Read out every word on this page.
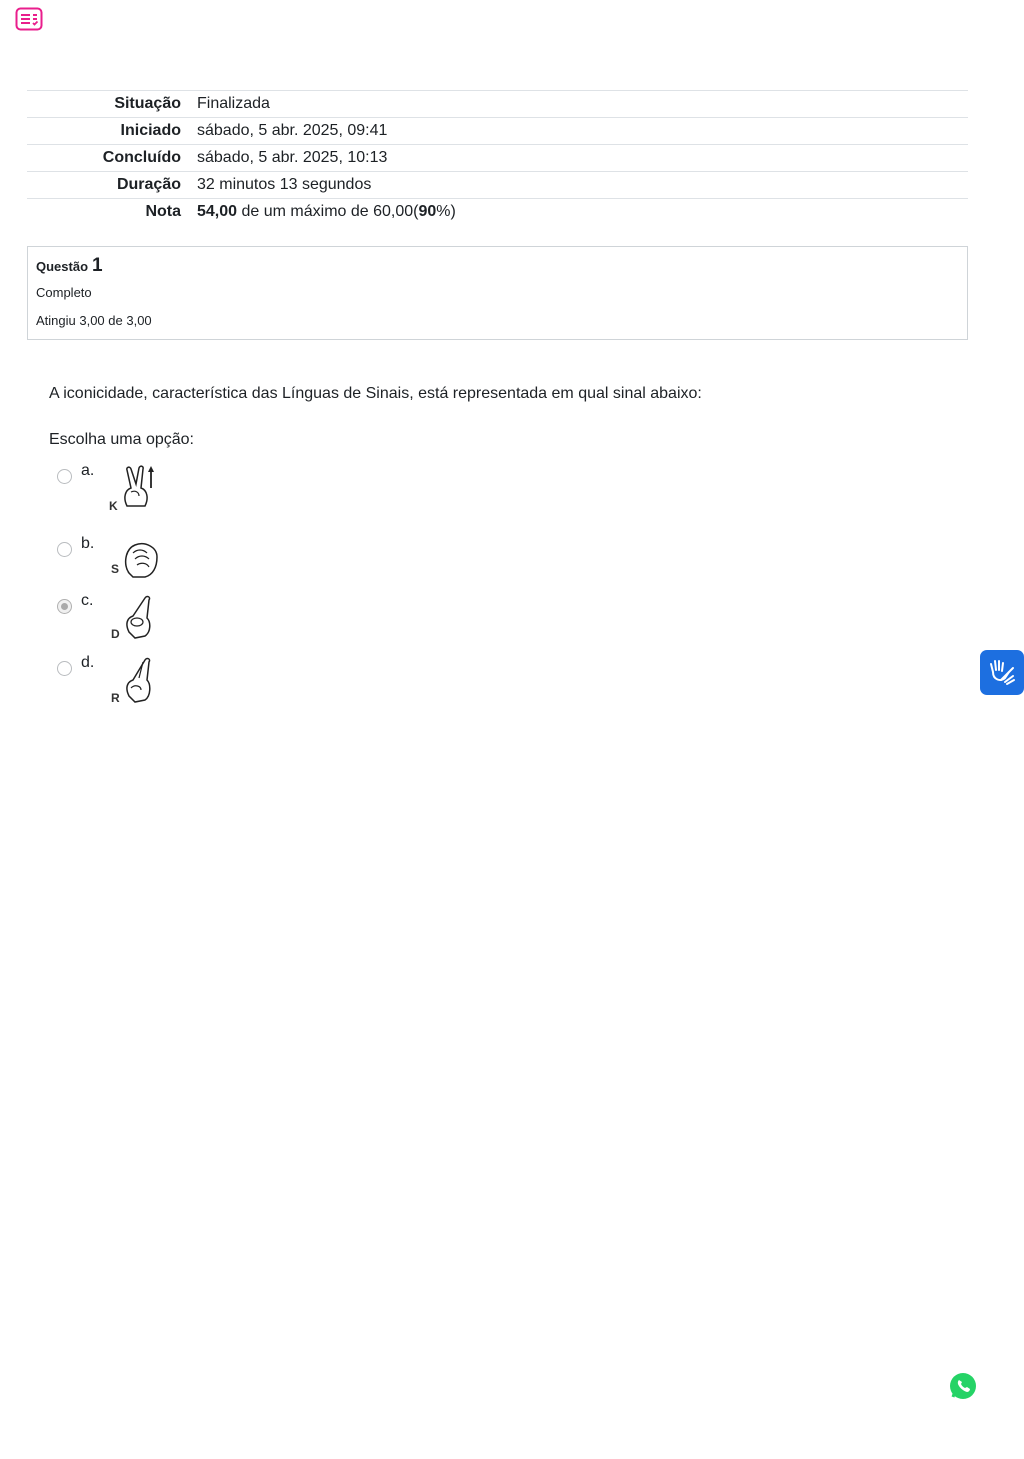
Situação	Finalizada
Iniciado	sábado, 5 abr. 2025, 09:41
Concluído	sábado, 5 abr. 2025, 10:13
Duração	32 minutos 13 segundos
Nota	54,00 de um máximo de 60,00(90%)
Questão 1
Completo
Atingiu 3,00 de 3,00
A iconicidade, característica das Línguas de Sinais, está representada em qual sinal abaixo:
Escolha uma opção:
a.
K
b.
S
c.
D
d.
R
